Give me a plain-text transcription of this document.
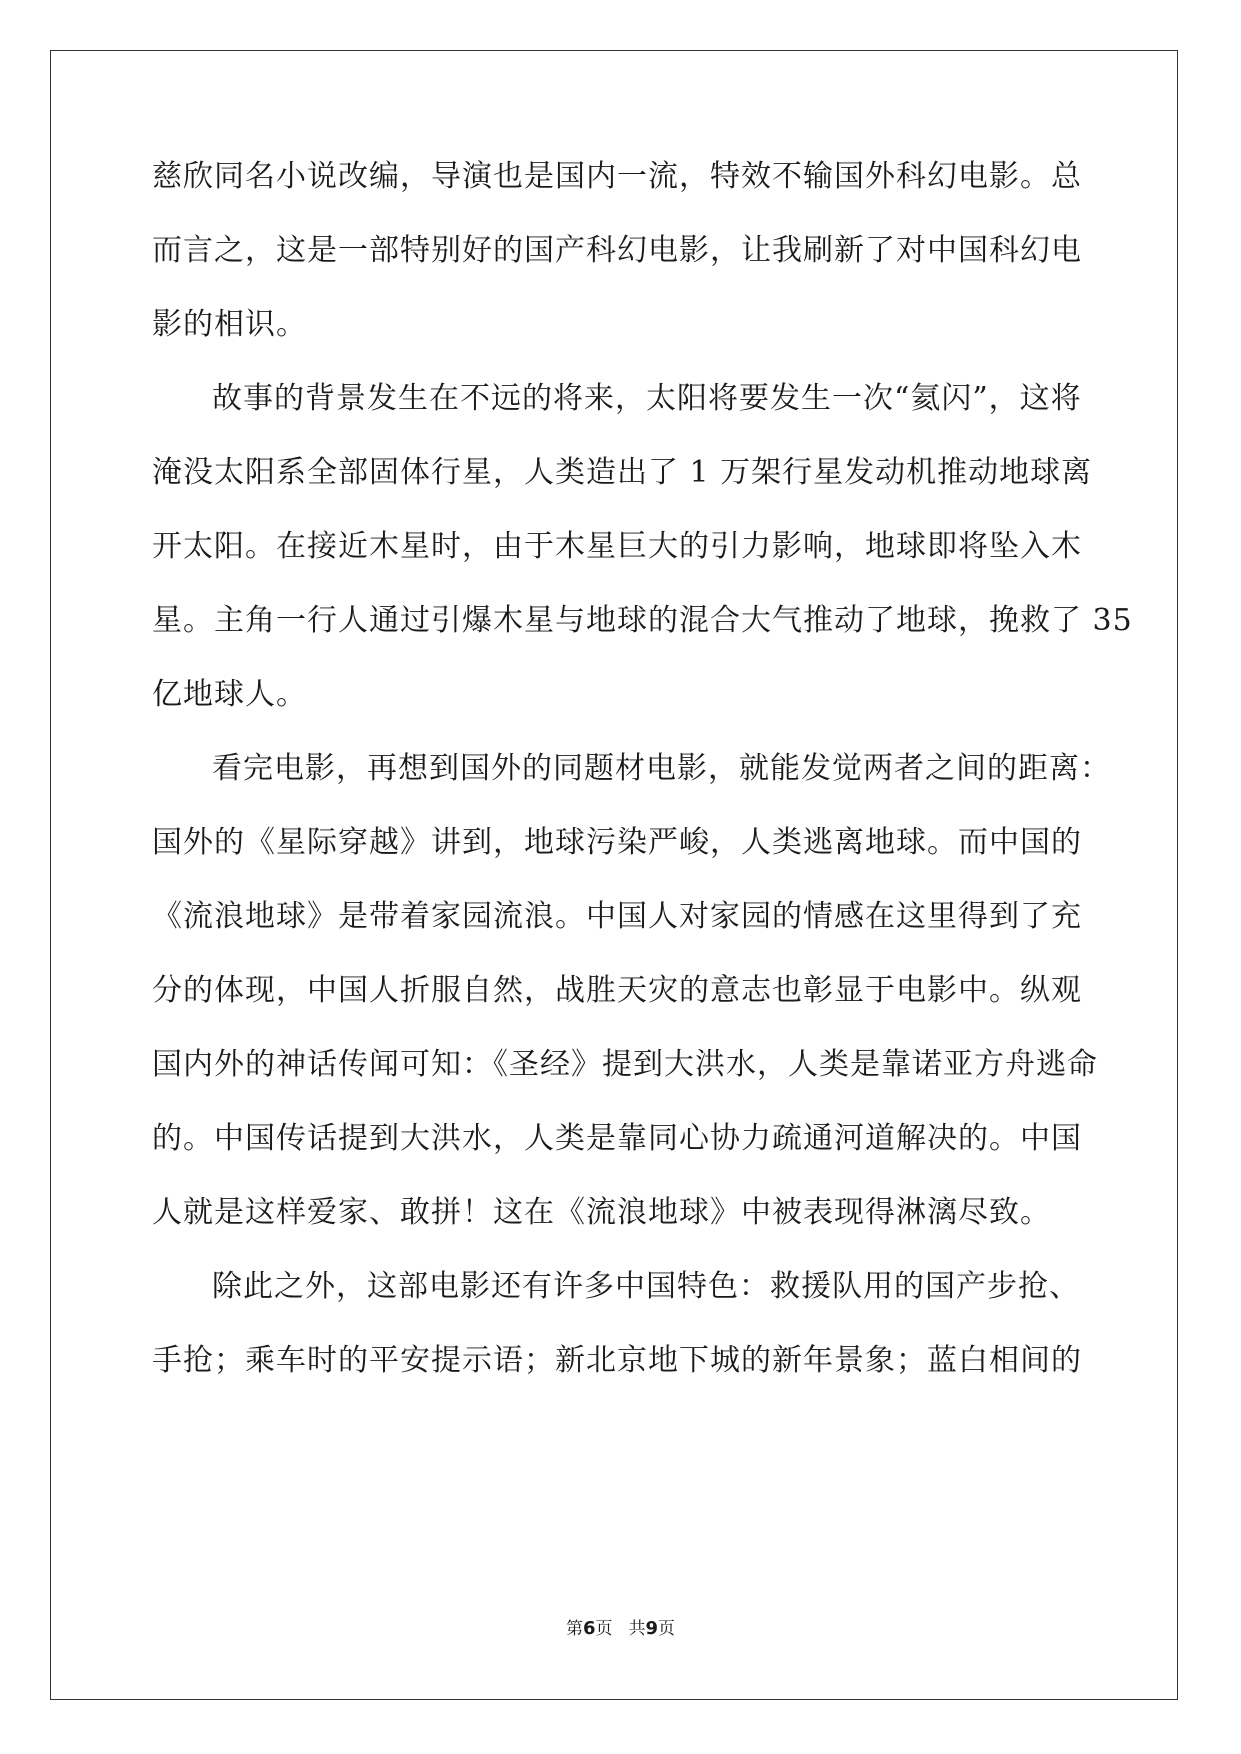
慈欣同名小说改编，导演也是国内一流，特效不输国外科幻电影。总
而言之，这是一部特别好的国产科幻电影，让我刷新了对中国科幻电
影的相识。
故事的背景发生在不远的将来，太阳将要发生一次“氦闪”，这将
淹没太阳系全部固体行星，人类造出了 1 万架行星发动机推动地球离
开太阳。在接近木星时，由于木星巨大的引力影响，地球即将坠入木
星。主角一行人通过引爆木星与地球的混合大气推动了地球，挽救了 35
亿地球人。
看完电影，再想到国外的同题材电影，就能发觉两者之间的距离：
国外的《星际穿越》讲到，地球污染严峻，人类逃离地球。而中国的
《流浪地球》是带着家园流浪。中国人对家园的情感在这里得到了充
分的体现，中国人折服自然，战胜天灾的意志也彰显于电影中。纵观
国内外的神话传闻可知：《圣经》提到大洪水，人类是靠诺亚方舟逃命
的。中国传话提到大洪水，人类是靠同心协力疏通河道解决的。中国
人就是这样爱家、敢拼！这在《流浪地球》中被表现得淋漓尽致。
除此之外，这部电影还有许多中国特色：救援队用的国产步抢、
手抢；乘车时的平安提示语；新北京地下城的新年景象；蓝白相间的
第6页 共9页
